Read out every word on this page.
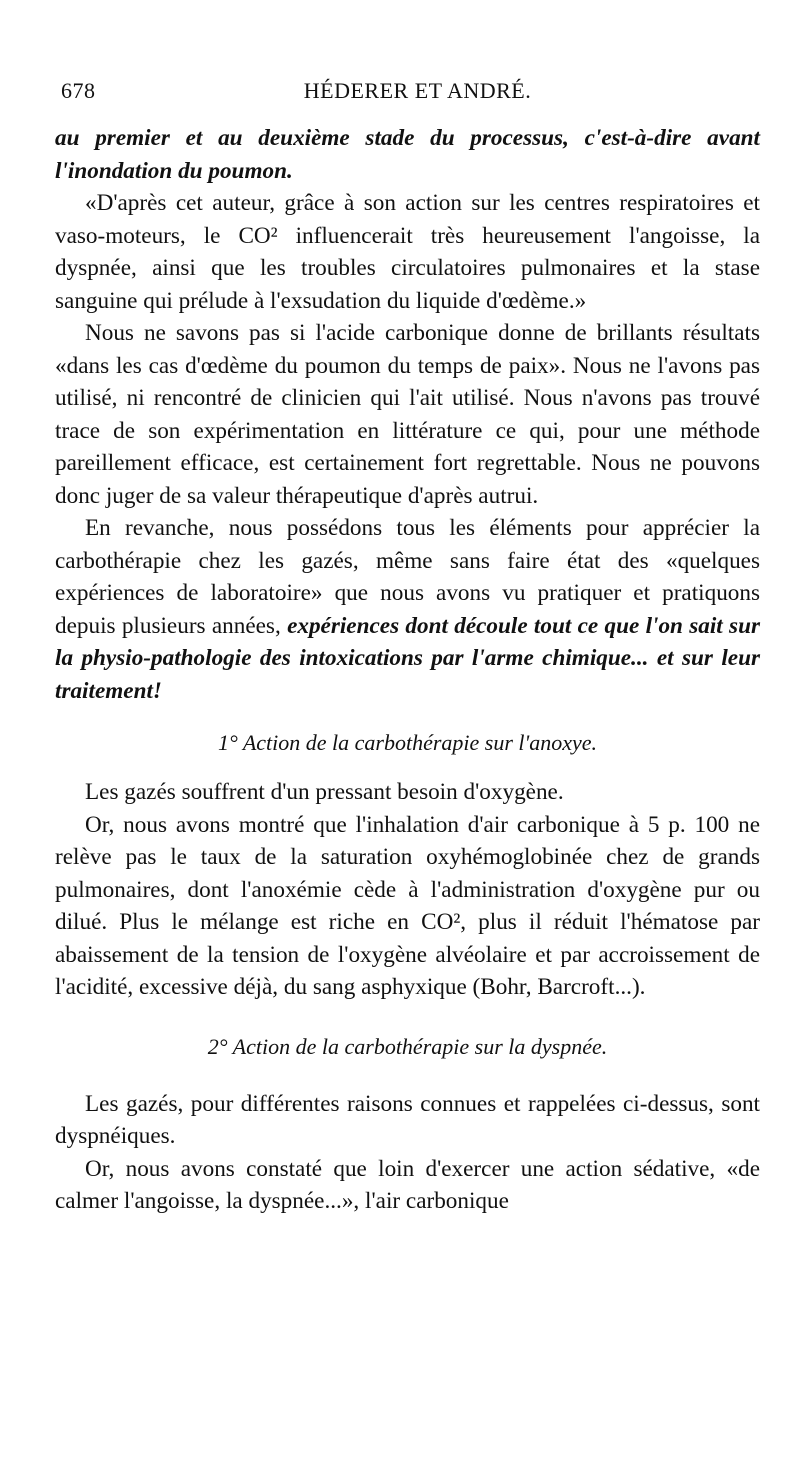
678	HÉDERER ET ANDRÉ.

au premier et au deuxième stade du processus, c'est-à-dire avant l'inondation du poumon.

«D'après cet auteur, grâce à son action sur les centres respiratoires et vaso-moteurs, le CO² influencerait très heureusement l'angoisse, la dyspnée, ainsi que les troubles circulatoires pulmonaires et la stase sanguine qui prélude à l'exsudation du liquide d'œdème.»

Nous ne savons pas si l'acide carbonique donne de brillants résultats «dans les cas d'œdème du poumon du temps de paix». Nous ne l'avons pas utilisé, ni rencontré de clinicien qui l'ait utilisé. Nous n'avons pas trouvé trace de son expérimentation en littérature ce qui, pour une méthode pareillement efficace, est certainement fort regrettable. Nous ne pouvons donc juger de sa valeur thérapeutique d'après autrui.

En revanche, nous possédons tous les éléments pour apprécier la carbothérapie chez les gazés, même sans faire état des «quelques expériences de laboratoire» que nous avons vu pratiquer et pratiquons depuis plusieurs années, expériences dont découle tout ce que l'on sait sur la physio-pathologie des intoxications par l'arme chimique... et sur leur traitement!

1° Action de la carbothérapie sur l'anoxye.

Les gazés souffrent d'un pressant besoin d'oxygène.

Or, nous avons montré que l'inhalation d'air carbonique à 5 p. 100 ne relève pas le taux de la saturation oxyhémoglobinée chez de grands pulmonaires, dont l'anoxémie cède à l'administration d'oxygène pur ou dilué. Plus le mélange est riche en CO², plus il réduit l'hématose par abaissement de la tension de l'oxygène alvéolaire et par accroissement de l'acidité, excessive déjà, du sang asphyxique (Bohr, Barcroft...).

2° Action de la carbothérapie sur la dyspnée.

Les gazés, pour différentes raisons connues et rappelées ci-dessus, sont dyspnéiques.

Or, nous avons constaté que loin d'exercer une action sédative, «de calmer l'angoisse, la dyspnée...», l'air carbonique
